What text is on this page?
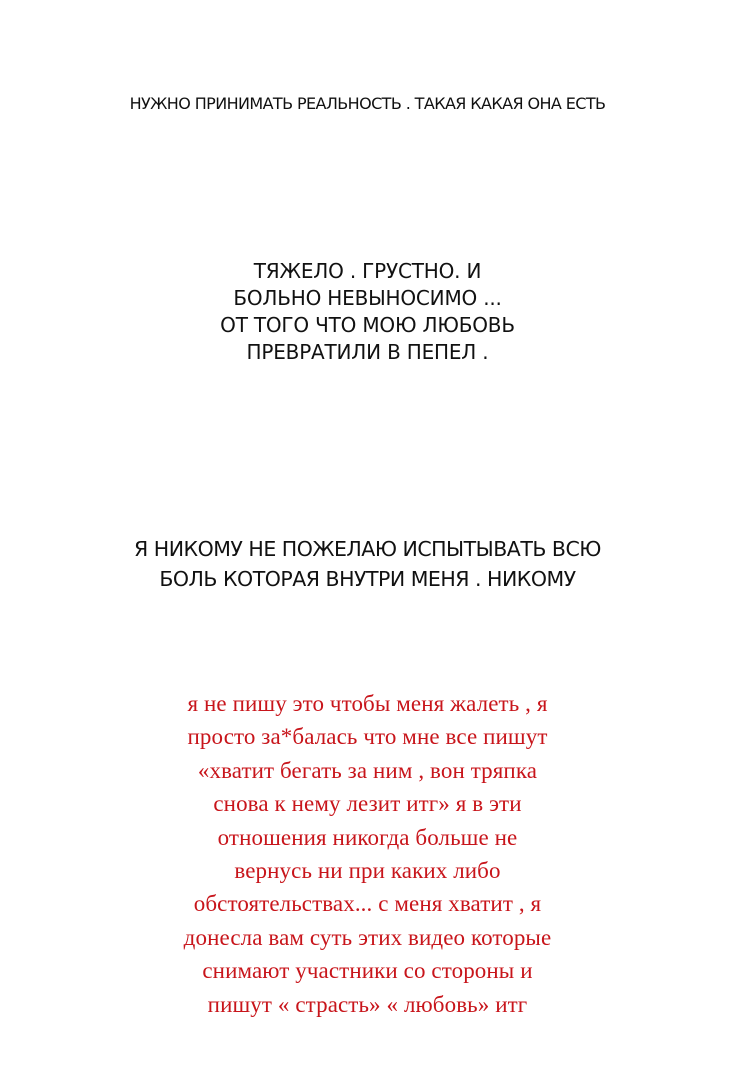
НУЖНО ПРИНИМАТЬ РЕАЛЬНОСТЬ . ТАКАЯ КАКАЯ ОНА ЕСТЬ

ТЯЖЕЛО . ГРУСТНО. И
БОЛЬНО НЕВЫНОСИМО ...
ОТ ТОГО ЧТО МОЮ ЛЮБОВЬ
ПРЕВРАТИЛИ В ПЕПЕЛ .

Я НИКОМУ НЕ ПОЖЕЛАЮ ИСПЫТЫВАТЬ ВСЮ
БОЛЬ КОТОРАЯ ВНУТРИ МЕНЯ . НИКОМУ

я не пишу это чтобы меня жалеть , я
просто за*балась что мне все пишут
«хватит бегать за ним , вон тряпка
снова к нему лезит итг» я в эти
отношения никогда больше не
вернусь ни при каких либо
обстоятельствах... с меня хватит , я
донесла вам суть этих видео которые
снимают участники со стороны и
пишут « страсть» « любовь» итг
